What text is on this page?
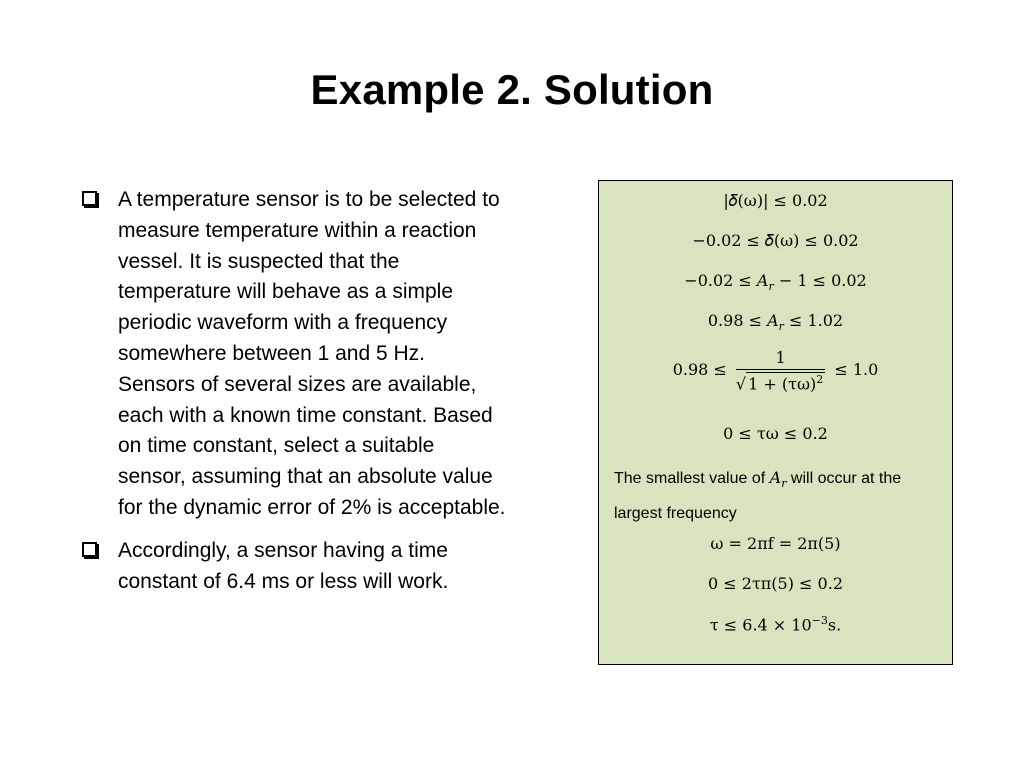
Example 2. Solution
A temperature sensor is to be selected to measure temperature within a reaction vessel. It is suspected that the temperature will behave as a simple periodic waveform with a frequency somewhere between 1 and 5 Hz. Sensors of several sizes are available, each with a known time constant. Based on time constant, select a suitable sensor, assuming that an absolute value for the dynamic error of 2% is acceptable.
Accordingly, a sensor having a time constant of 6.4 ms or less will work.
|𝛿(ω)| ≤ 0.02
−0.02 ≤ 𝛿(ω) ≤ 0.02
$-0.02 \le A_r - 1 \le 0.02$
$0.98 \le A_r \le 1.02$
$0.98 \le \frac{1}{√ 1 + (\tau\omega)^2} \le 1.0$
0 ≤ τω ≤ 0.2
The smallest value of $A_r$ will occur at the largest frequency
ω = 2πf = 2π(5)
0 ≤ 2τπ(5) ≤ 0.2
$\tau \le 6.4 \times 10^{-3}s$.
